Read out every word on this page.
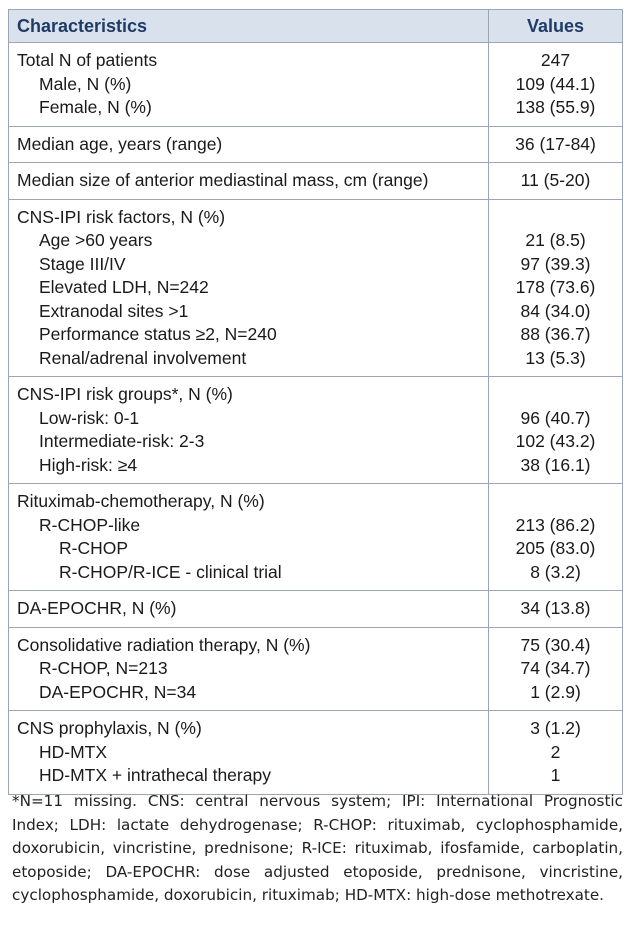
Characteristics	Values
Total N of patients	247
Male, N (%)	109 (44.1)
Female, N (%)	138 (55.9)
Median age, years (range)	36 (17-84)
Median size of anterior mediastinal mass, cm (range)	11 (5-20)
CNS-IPI risk factors, N (%)	
Age >60 years	21 (8.5)
Stage III/IV	97 (39.3)
Elevated LDH, N=242	178 (73.6)
Extranodal sites >1	84 (34.0)
Performance status ≥2, N=240	88 (36.7)
Renal/adrenal involvement	13 (5.3)
CNS-IPI risk groups*, N (%)	
Low-risk: 0-1	96 (40.7)
Intermediate-risk: 2-3	102 (43.2)
High-risk: ≥4	38 (16.1)
Rituximab-chemotherapy, N (%)	
R-CHOP-like	213 (86.2)
R-CHOP	205 (83.0)
R-CHOP/R-ICE - clinical trial	8 (3.2)
DA-EPOCHR, N (%)	34 (13.8)
Consolidative radiation therapy, N (%)	75 (30.4)
R-CHOP, N=213	74 (34.7)
DA-EPOCHR, N=34	1 (2.9)
CNS prophylaxis, N (%)	3 (1.2)
HD-MTX	2
HD-MTX + intrathecal therapy	1
*N=11 missing. CNS: central nervous system; IPI: International Prognostic Index; LDH: lactate dehydrogenase; R-CHOP: rituximab, cyclophosphamide, doxorubicin, vincristine, prednisone; R-ICE: rituximab, ifosfamide, carboplatin, etoposide; DA-EPOCHR: dose adjusted etoposide, prednisone, vincristine, cyclophosphamide, doxorubicin, rituximab; HD-MTX: high-dose methotrexate.
